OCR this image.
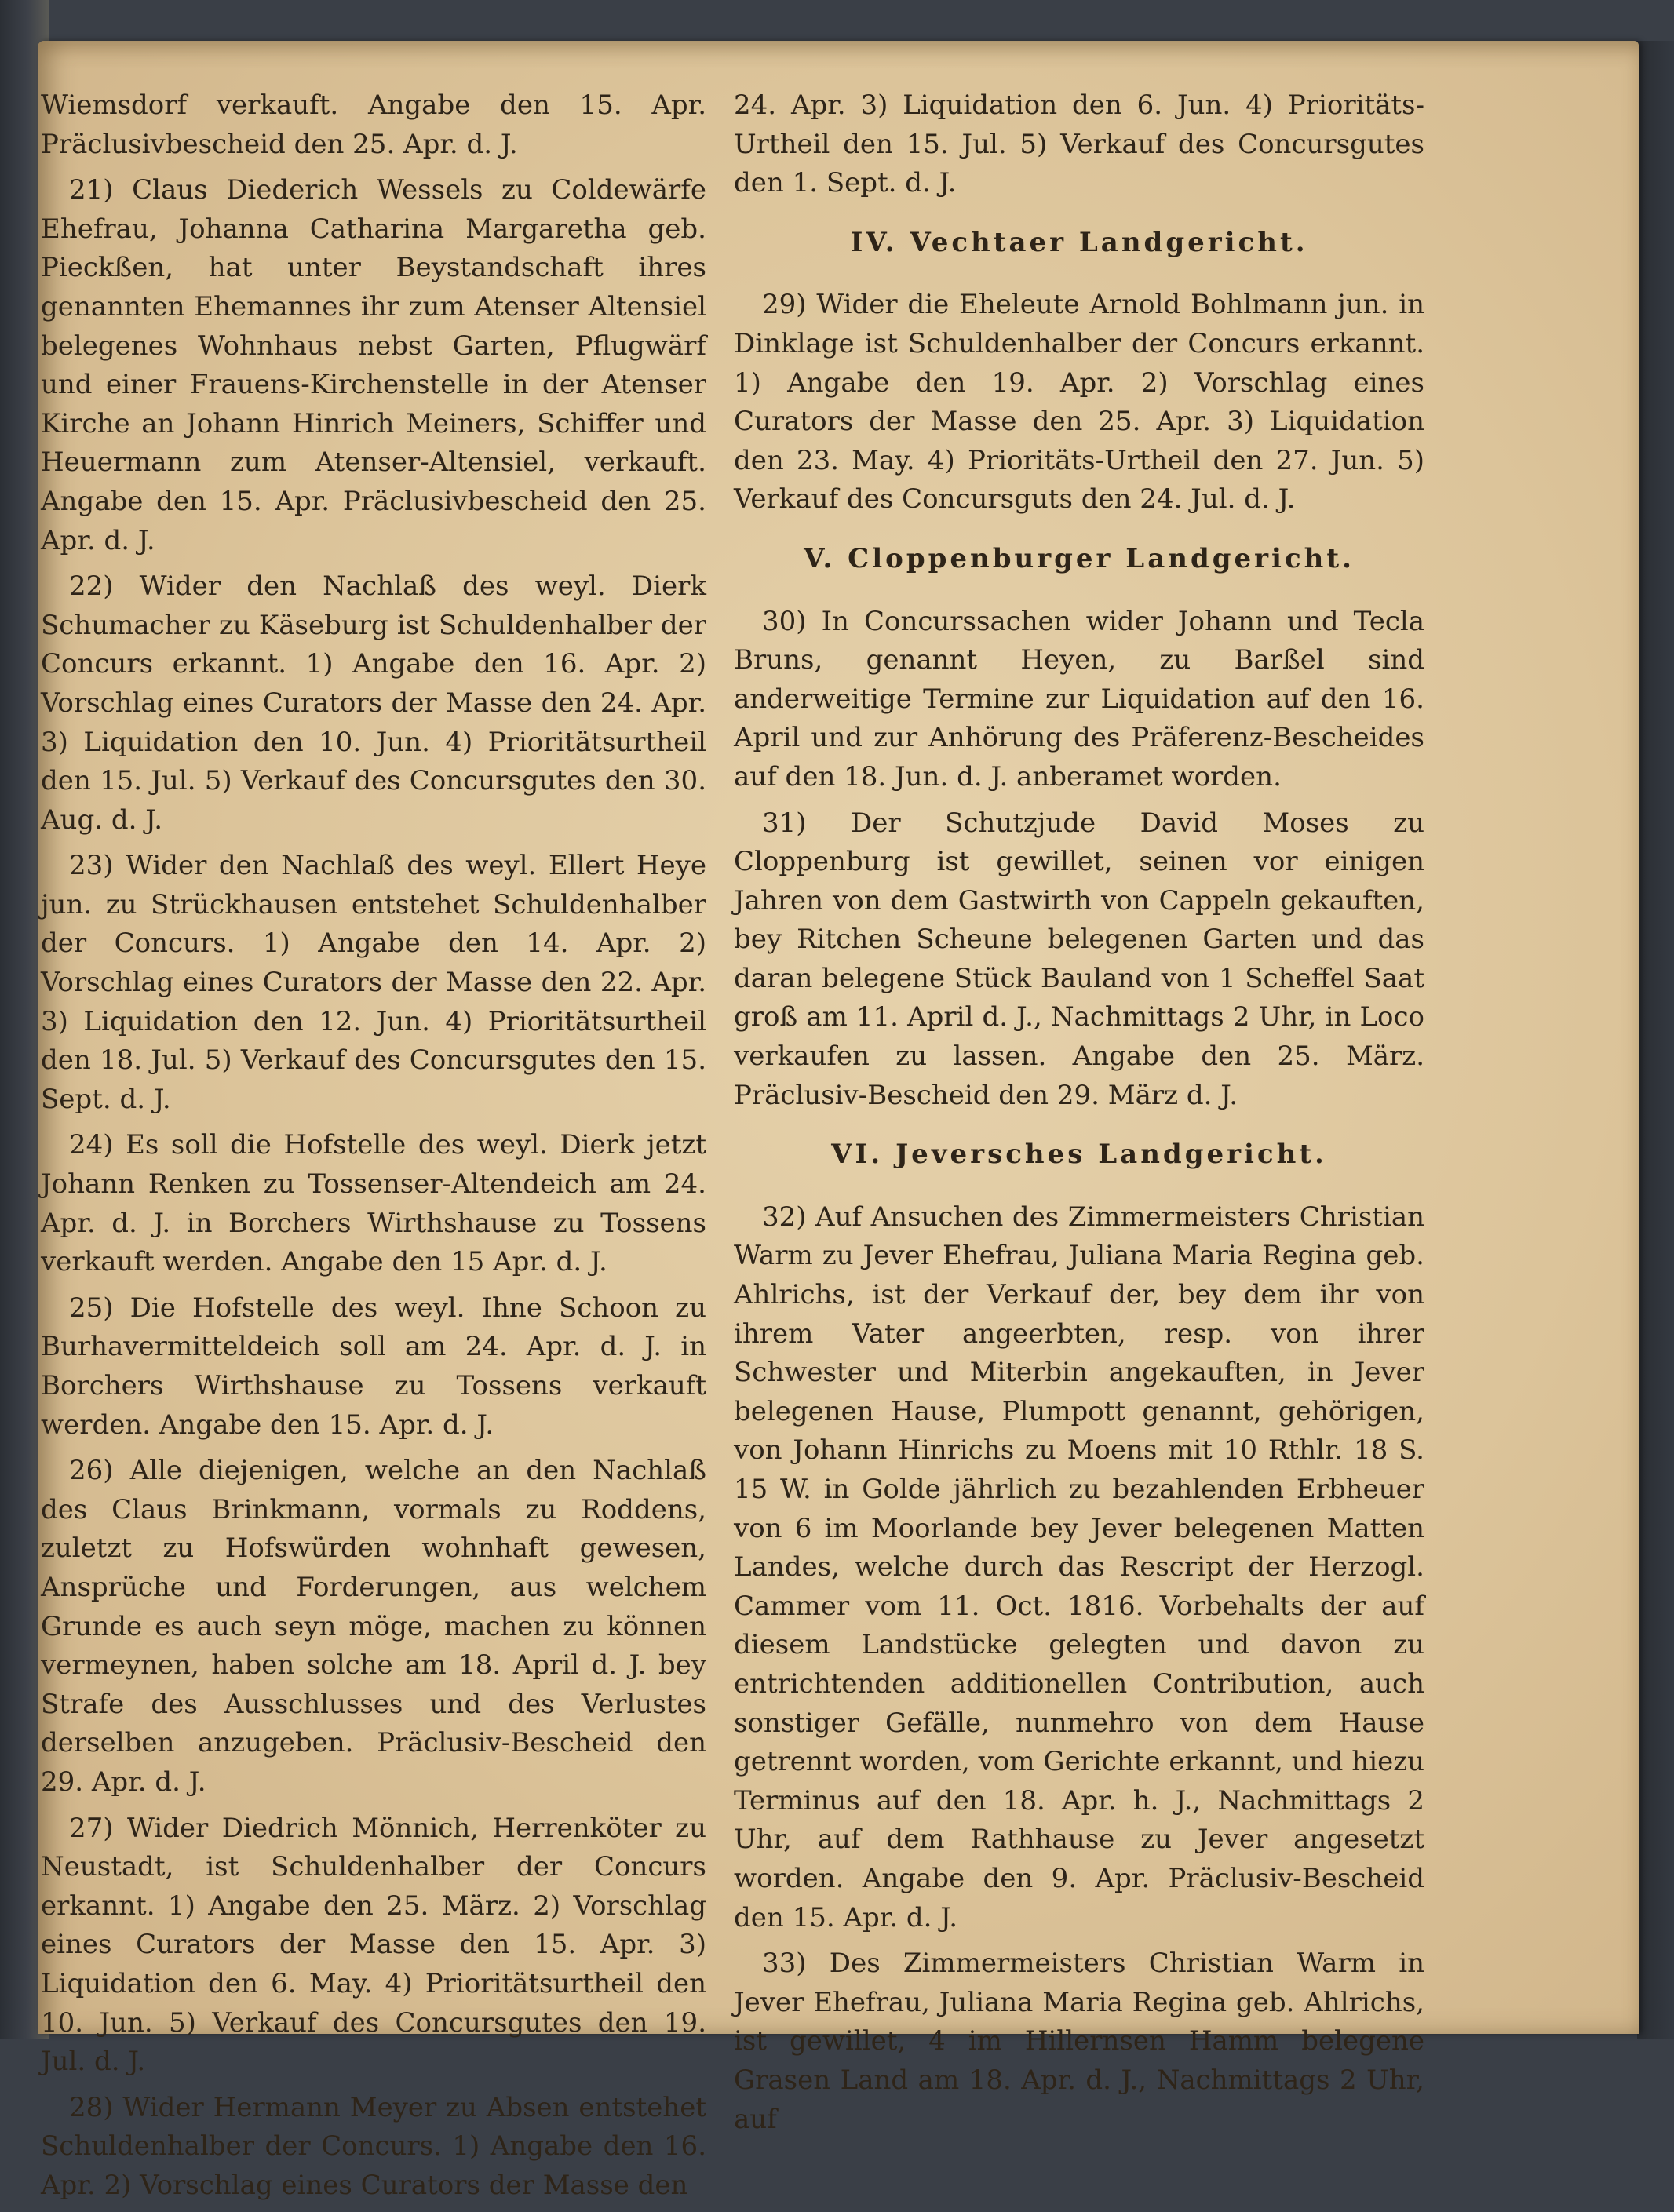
Wiemsdorf verkauft. Angabe den 15. Apr. Präclusivbescheid den 25. Apr. d. J.

21) Claus Diederich Wessels zu Coldewärfe Ehefrau, Johanna Catharina Margaretha geb. Pieckßen, hat unter Beystandschaft ihres genannten Ehemannes ihr zum Atenser Altensiel belegenes Wohnhaus nebst Garten, Pflugwärf und einer Frauens-Kirchenstelle in der Atenser Kirche an Johann Hinrich Meiners, Schiffer und Heuermann zum Atenser-Altensiel, verkauft. Angabe den 15. Apr. Präclusivbescheid den 25. Apr. d. J.

22) Wider den Nachlaß des weyl. Dierk Schumacher zu Käseburg ist Schuldenhalber der Concurs erkannt. 1) Angabe den 16. Apr. 2) Vorschlag eines Curators der Masse den 24. Apr. 3) Liquidation den 10. Jun. 4) Prioritätsurtheil den 15. Jul. 5) Verkauf des Concursgutes den 30. Aug. d. J.

23) Wider den Nachlaß des weyl. Ellert Heye jun. zu Strückhausen entstehet Schuldenhalber der Concurs. 1) Angabe den 14. Apr. 2) Vorschlag eines Curators der Masse den 22. Apr. 3) Liquidation den 12. Jun. 4) Prioritätsurtheil den 18. Jul. 5) Verkauf des Concursgutes den 15. Sept. d. J.

24) Es soll die Hofstelle des weyl. Dierk jetzt Johann Renken zu Tossenser-Altendeich am 24. Apr. d. J. in Borchers Wirthshause zu Tossens verkauft werden. Angabe den 15 Apr. d. J.

25) Die Hofstelle des weyl. Ihne Schoon zu Burhavermitteldeich soll am 24. Apr. d. J. in Borchers Wirthshause zu Tossens verkauft werden. Angabe den 15. Apr. d. J.

26) Alle diejenigen, welche an den Nachlaß des Claus Brinkmann, vormals zu Roddens, zuletzt zu Hofswürden wohnhaft gewesen, Ansprüche und Forderungen, aus welchem Grunde es auch seyn möge, machen zu können vermeynen, haben solche am 18. April d. J. bey Strafe des Ausschlusses und des Verlustes derselben anzugeben. Präclusiv-Bescheid den 29. Apr. d. J.

27) Wider Diedrich Mönnich, Herrenköter zu Neustadt, ist Schuldenhalber der Concurs erkannt. 1) Angabe den 25. März. 2) Vorschlag eines Curators der Masse den 15. Apr. 3) Liquidation den 6. May. 4) Prioritätsurtheil den 10. Jun. 5) Verkauf des Concursgutes den 19. Jul. d. J.

28) Wider Hermann Meyer zu Absen entstehet Schuldenhalber der Concurs. 1) Angabe den 16. Apr. 2) Vorschlag eines Curators der Masse den

24. Apr. 3) Liquidation den 6. Jun. 4) Prioritäts-Urtheil den 15. Jul. 5) Verkauf des Concursgutes den 1. Sept. d. J.

IV. Vechtaer Landgericht.

29) Wider die Eheleute Arnold Bohlmann jun. in Dinklage ist Schuldenhalber der Concurs erkannt. 1) Angabe den 19. Apr. 2) Vorschlag eines Curators der Masse den 25. Apr. 3) Liquidation den 23. May. 4) Prioritäts-Urtheil den 27. Jun. 5) Verkauf des Concursguts den 24. Jul. d. J.

V. Cloppenburger Landgericht.

30) In Concurssachen wider Johann und Tecla Bruns, genannt Heyen, zu Barßel sind anderweitige Termine zur Liquidation auf den 16. April und zur Anhörung des Präferenz-Bescheides auf den 18. Jun. d. J. anberamet worden.

31) Der Schutzjude David Moses zu Cloppenburg ist gewillet, seinen vor einigen Jahren von dem Gastwirth von Cappeln gekauften, bey Ritchen Scheune belegenen Garten und das daran belegene Stück Bauland von 1 Scheffel Saat groß am 11. April d. J., Nachmittags 2 Uhr, in Loco verkaufen zu lassen. Angabe den 25. März. Präclusiv-Bescheid den 29. März d. J.

VI. Jeversches Landgericht.

32) Auf Ansuchen des Zimmermeisters Christian Warm zu Jever Ehefrau, Juliana Maria Regina geb. Ahlrichs, ist der Verkauf der, bey dem ihr von ihrem Vater angeerbten, resp. von ihrer Schwester und Miterbin angekauften, in Jever belegenen Hause, Plumpott genannt, gehörigen, von Johann Hinrichs zu Moens mit 10 Rthlr. 18 S. 15 W. in Golde jährlich zu bezahlenden Erbheuer von 6 im Moorlande bey Jever belegenen Matten Landes, welche durch das Rescript der Herzogl. Cammer vom 11. Oct. 1816. Vorbehalts der auf diesem Landstücke gelegten und davon zu entrichtenden additionellen Contribution, auch sonstiger Gefälle, nunmehro von dem Hause getrennt worden, vom Gerichte erkannt, und hiezu Terminus auf den 18. Apr. h. J., Nachmittags 2 Uhr, auf dem Rathhause zu Jever angesetzt worden. Angabe den 9. Apr. Präclusiv-Bescheid den 15. Apr. d. J.

33) Des Zimmermeisters Christian Warm in Jever Ehefrau, Juliana Maria Regina geb. Ahlrichs, ist gewillet, 4 im Hillernsen Hamm belegene Grasen Land am 18. Apr. d. J., Nachmittags 2 Uhr, auf
